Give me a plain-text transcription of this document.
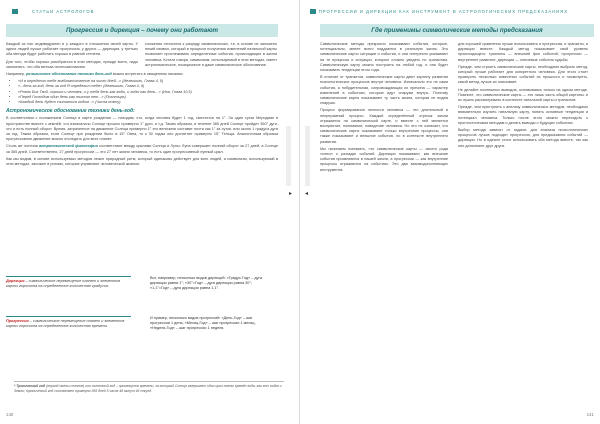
СТАТЬИ АСТРОЛОГОВ
Прогрессия и дирекция – почему они работают

Каждый из нас индивидуален и у каждого в отношении своей карты. У одних людей лучше работает прогрессия, у других — дирекция, у третьих оба метода будут работать хорошо в равной степени.

Для того, чтобы хорошо разобраться в этих методах, прежде всего, надо запомнить, что оба метода прогнозирования

сложения относятся к разряду символических, т.е. в основе их заложено некий символ, который в процессе получения изменений натальной карты позволяет прослеживать определенные события, происходящие в жизни человека. Кстати говоря, символизм, используемый в этих методах, имеет астрономическое, позиционное и даже символическое обоснование.

Например, религиозное обоснование техники день-год можно встретить в священном писании:

• «И я определил тебе возблагословение на число дней...» (Иезекииль, Глава 4, 5)
• «...день за год, день за год Я определил тебе» (Иезекииль, Глава 4, 6)
• «Ровно Бог Твой, хорошо и человек, и у тебя день как годы, и годы как день...» (Иов, Глава 10,5)
• «Перед Господом один день как тысяча лет...» (Псалтырь)
• «Каждый день будет считаться годом...» (Числа поэту)
Астрономическое обоснование техники день-год:

В соответствии с положением Солнца в карте рождения — находим, что, когда человек будет 1 год, сместится на 1°. За один сутки Меридиан в пространстве вместе с землёй, что изначально Солнце прошло примерно 1° дуги, и т.д. Таким образом, в течение 365 дней Солнце пройдет 360° дуги, что и есть полный оборот. Время, затраченное на движение Солнца примерно 1° его величина составит почти как 1° за сутки, или около 1 градуса дуги за год. Таким образом, если Солнце при рождении было в 15° Овна, то к 30 годам оно достигнет примерно 15° Тельца. Аналогичным образом прогрессивное движение можно отследить для всех планет.

Столь же логична астрономической философии соответствие между циклами Солнца и Луны: Луна совершает полный оборот за 27 дней, а Солнце за 365 дней. Соответственно, 27 дней прогрессии — это 27 лет жизни человека, то есть один прогрессивный лунный цикл.

Как мы видим, в основе используемых методов лежит природный ритм, который одинаково действует для всех людей, а символизм, используемый в этих методах, заложен в ритмах, которые управляют человеческой жизнью.

Дирекция – символическое перемещение планет и элементов карты гороскопа на определенное количество градусов.
Прогрессия – символическое перемещение планет и элементов карты гороскопа на определенное количество времени.
Вот, например, несколько видов дирекций: «Градус-Год» – дуга дирекции равна 1°; «30°=Год» – дуга дирекции равна 30°; «1,1°=Год» – дуга дирекции равна 1,1°.
И пример, несколько видов прогрессий: «День-Год» – шаг прогрессии 1 день; «Месяц-Год» – шаг прогрессии 1 месяц; «Неделя-Год» – шаг прогрессии 1 неделя.
* Тропический год (период смены сезонов) или солнечный год – промежуток времени, за который Солнце завершает один цикл смены времён года, как это видно с Земли; тропический год составляет примерно 365 дней 5 часов 48 минут 46 секунд.
▸
140
ПРОГРЕССИИ И ДИРЕКЦИИ КАК ИНСТРУМЕНТ В АСТРОЛОГИЧЕСКИХ ПРЕДСКАЗАНИЯХ
Где применимы символические методы предсказания

Символические методы прекрасно показывают события, которые, потенциально, менее всего поддаются в реальную жизнь. Это символические карты ситуации и события, и они интересно указывают на те процессы и ситуации, которые сложно увидеть по транзитам. Символическую карту можно построить на любой год, и она будет показывать тенденции этого года.

В отличие от транзитов, символические карты дают картину развития психологических процессов внутри человека. Изначально это не сами события, а побудительная, сопровождающая их причина — характер изменений в событиях, которые идут снаружи внутрь. Поэтому символические карты показывают ту часть жизни, которая не видна снаружи.

Процесс формирования личности человека — это длительный и непрерывный процесс. Каждый определённый отрезок жизни отражается на символической карте, и вместе с ней меняется восприятие, понимание, поведение человека. Но это не означает, что символические карты показывают только внутренние процессы, они также показывают и внешние события, но в контексте внутреннего развития.

Мы начинаем понимать, что символические карты — своего рода «ключ» к разгадке событий. Дирекции показывают, как внешние события проявляются в нашей жизни, а прогрессии — как внутренние процессы отражаются на событиях. Это два взаимодополняющих инструмента.

для хорошей сравнения лучше использовать и прогрессии, и транзиты, и дирекции вместе. Каждый метод показывает свой уровень происходящего: транзиты — внешний фон событий, прогрессии — внутреннее развитие, дирекции — ключевые события судьбы.

Прежде, чем строить символические карты, необходимо выбрать метод, который лучше работает для конкретного человека. Для этого стоит проверить несколько известных событий из прошлого и посмотреть, какой метод лучше их описывает.

Не делайте поспешных выводов, основываясь только на одном методе. Помните, что символические карты — это лишь часть общей картины, и их нужно рассматривать в контексте натальной карты и транзитов.

Прежде, чем приступить к анализу символических методов, необходимо внимательно изучить натальную карту, понять основные тенденции и потенциал человека. Только после этого можно переходить к прогностическим методам и делать выводы о будущих событиях.

Выбор метода зависит от задачи: для анализа психологических процессов лучше подходят прогрессии, для предсказания событий — дирекции. Но в идеале стоит использовать оба метода вместе, так как они дополняют друг друга.

◂
141
